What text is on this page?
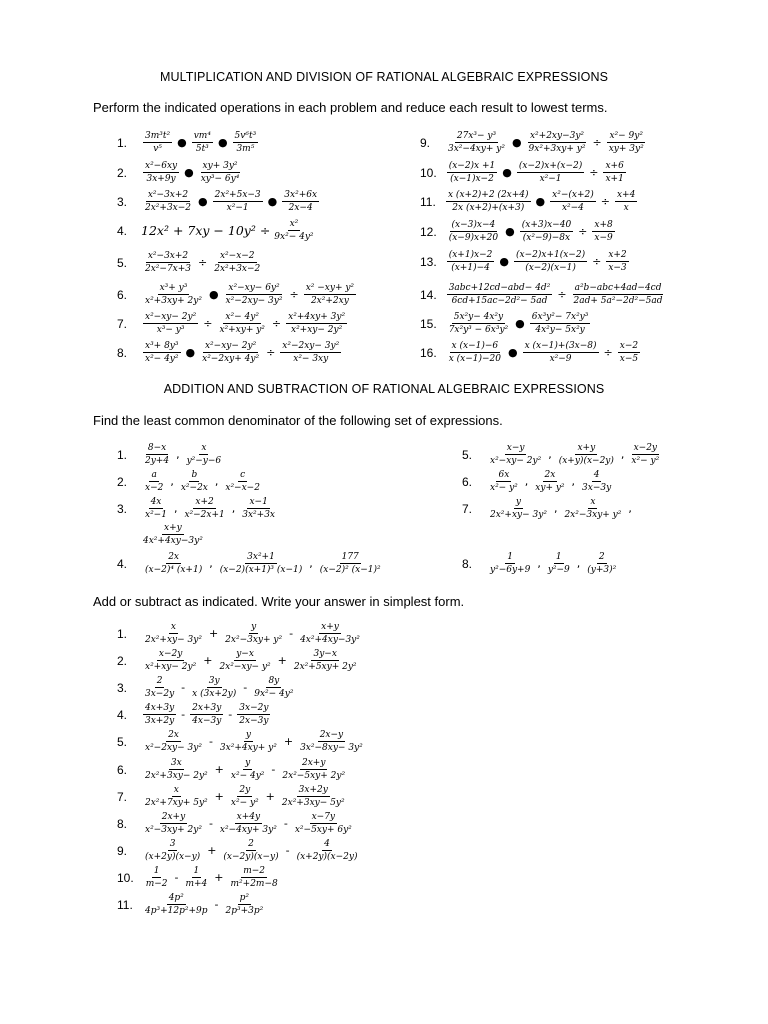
MULTIPLICATION AND DIVISION OF RATIONAL ALGEBRAIC EXPRESSIONS
Perform the indicated operations in each problem and reduce each result to lowest terms.
1.	$\frac{\text{3m³t²}}{\text{v⁵}}$ ● $\frac{\text{vm⁴}}{\text{5t³}}$ ● $\frac{\text{5v⁶t³}}{\text{3m⁵}}$
2.	$\frac{\text{x²−6xy}}{3x+9y}$ ● $\frac{\text{xy+ 3y²}}{\text{xy³− 6y⁴}}$
3.	$\frac{\text{x²−3x+2}}{\text{2x²+3x−2}}$ ● $\frac{\text{2x²+5x−3}}{\text{x²−1}}$ ● $\frac{\text{3x²+6x}}{2x-4}$
4.	$12x^2 + 7xy - 10y^2 \div \frac{\text{x²}}{\text{9x²− 4y²}}$
5.	$\frac{\text{x²−3x+2}}{\text{2x²−7x+3}} \div \frac{\text{x²−x−2}}{\text{2x²+3x−2}}$
6.	$\frac{\text{x³+ y³}}{\text{x²+3xy+ 2y²}}$ ● $\frac{\text{x²−xy− 6y²}}{\text{x²−2xy− 3y²}} \div \frac{\text{x² −xy+ y²}}{\text{2x²+2xy}}$
7.	$\frac{\text{x²−xy− 2y²}}{\text{x³− y³}} \div \frac{\text{x²− 4y²}}{\text{x²+xy+ y²}} \div \frac{\text{x²+4xy+ 3y²}}{\text{x²+xy− 2y²}}$
8.	$\frac{\text{x³+ 8y³}}{\text{x²− 4y²}}$ ● $\frac{\text{x²−xy− 2y²}}{\text{x²−2xy+ 4y²}} \div \frac{\text{x²−2xy− 3y²}}{\text{x²− 3xy}}$
9.	$\frac{\text{27x³− y³}}{\text{3x²−4xy+ y²}}$ ● $\frac{\text{x²+2xy−3y²}}{\text{9x²+3xy+ y²}} \div \frac{\text{x²− 9y²}}{\text{xy+ 3y²}}$
10. $\frac{(x-2)x +1}{(x-1)x-2}$ ● $\frac{(x-2)x+(x-2)}{\text{x²−1}} \div \frac{x+6}{x+1}$
11. $\frac{x (x+2)+2 (2x+4)}{2x (x+2)+(x+3)}$ ● $\frac{\text{x²−(x+2)}}{\text{x²−4}} \div \frac{x+4}{x}$
12. $\frac{(x-3)x-4}{(x-9)x+20}$ ● $\frac{(x+3)x-40}{\text{(x²−9)−8x}} \div \frac{x+8}{x-9}$
13. $\frac{(x+1)x-2}{(x+1)-4}$ ● $\frac{(x-2)x+1(x-2)}{(x-2)(x-1)} \div \frac{x+2}{x-3}$
14. $\frac{\text{3abc+12cd−abd− 4d²}}{\text{6cd+15ac−2d²− 5ad}} \div \frac{\text{a²b−abc+4ad−4cd}}{\text{2ad+ 5a²−2d²−5ad}}$
15. $\frac{\text{5x²y− 4x²y}}{\text{7x²y³ − 6x³y²}}$ ● $\frac{\text{6x³y²− 7x²y³}}{\text{4x²y− 5x²y}}$
16. $\frac{x (x-1)-6}{x (x-1)-20}$ ● $\frac{x (x-1)+(3x-8)}{\text{x²−9}} \div \frac{x-2}{x-5}$
ADDITION AND SUBTRACTION OF RATIONAL ALGEBRAIC EXPRESSIONS
Find the least common denominator of the following set of expressions.
1.	$\frac{8-x}{2y+4}$ , $\frac{x}{\text{y²−y−6}}$
2.	$\frac{a}{x-2}$ , $\frac{b}{\text{x²−2x}}$ , $\frac{c}{\text{x²−x−2}}$
3.	$\frac{4x}{\text{x²−1}}$ , $\frac{x+2}{\text{x²−2x+1}}$ , $\frac{x-1}{\text{3x²+3x}}$
$\frac{x+y}{\text{4x²+4xy−3y²}}$
4.	$\frac{2x}{\text{(x−2)⁴ (x+1)}}$ , $\frac{\text{3x²+1}}{\text{(x−2)(x+1)³ (x−1)}}$ , $\frac{177}{\text{(x−2)² (x−1)²}}$
5.	$\frac{x-y}{\text{x²−xy− 2y²}}$ , $\frac{x+y}{(x+y)(x-2y)}$ , $\frac{x-2y}{\text{x²− y²}}$
6.	$\frac{6x}{\text{x²− y²}}$ , $\frac{2x}{\text{xy+ y²}}$ , $\frac{4}{3x-3y}$
7.	$\frac{y}{\text{2x²+xy− 3y²}}$ , $\frac{x}{\text{2x²−3xy+ y²}}$ ,
8.	$\frac{1}{\text{y²−6y+9}}$ , $\frac{1}{\text{y²−9}}$ , $\frac{2}{\text{(y+3)²}}$
Add or subtract as indicated. Write your answer in simplest form.
1.	$\frac{x}{\text{2x²+xy− 3y²}} + \frac{y}{\text{2x²−3xy+ y²}} - \frac{x+y}{\text{4x²+4xy−3y²}}$
2.	$\frac{x-2y}{\text{x²+xy− 2y²}} + \frac{y-x}{\text{2x²−xy− y²}} + \frac{3y-x}{\text{2x²+5xy+ 2y²}}$
3.	$\frac{2}{3x-2y} - \frac{3y}{x (3x+2y)} - \frac{8y}{\text{9x²− 4y²}}$
4.	$\frac{4x+3y}{3x+2y} - \frac{2x+3y}{4x-3y} - \frac{3x-2y}{2x-3y}$
5.	$\frac{2x}{\text{x²−2xy− 3y²}} - \frac{y}{\text{3x²+4xy+ y²}} + \frac{2x-y}{\text{3x²−8xy− 3y²}}$
6.	$\frac{3x}{\text{2x²+3xy− 2y²}} + \frac{y}{\text{x²− 4y²}} - \frac{2x+y}{\text{2x²−5xy+ 2y²}}$
7.	$\frac{x}{\text{2x²+7xy+ 5y²}} + \frac{2y}{\text{x²− y²}} + \frac{3x+2y}{\text{2x²+3xy− 5y²}}$
8.	$\frac{2x+y}{\text{x²−3xy+ 2y²}} - \frac{x+4y}{\text{x²−4xy+ 3y²}} - \frac{x-7y}{\text{x²−5xy+ 6y²}}$
9.	$\frac{3}{(x+2y)(x-y)} + \frac{2}{(x-2y)(x-y)} - \frac{4}{(x+2y)(x-2y)}$
10. $\frac{1}{m-2} - \frac{1}{m+4} + \frac{m-2}{\text{m²+2m−8}}$
11. $\frac{\text{4p²}}{\text{4p³+12p²+9p}} - \frac{\text{p²}}{\text{2p³+3p²}}$
